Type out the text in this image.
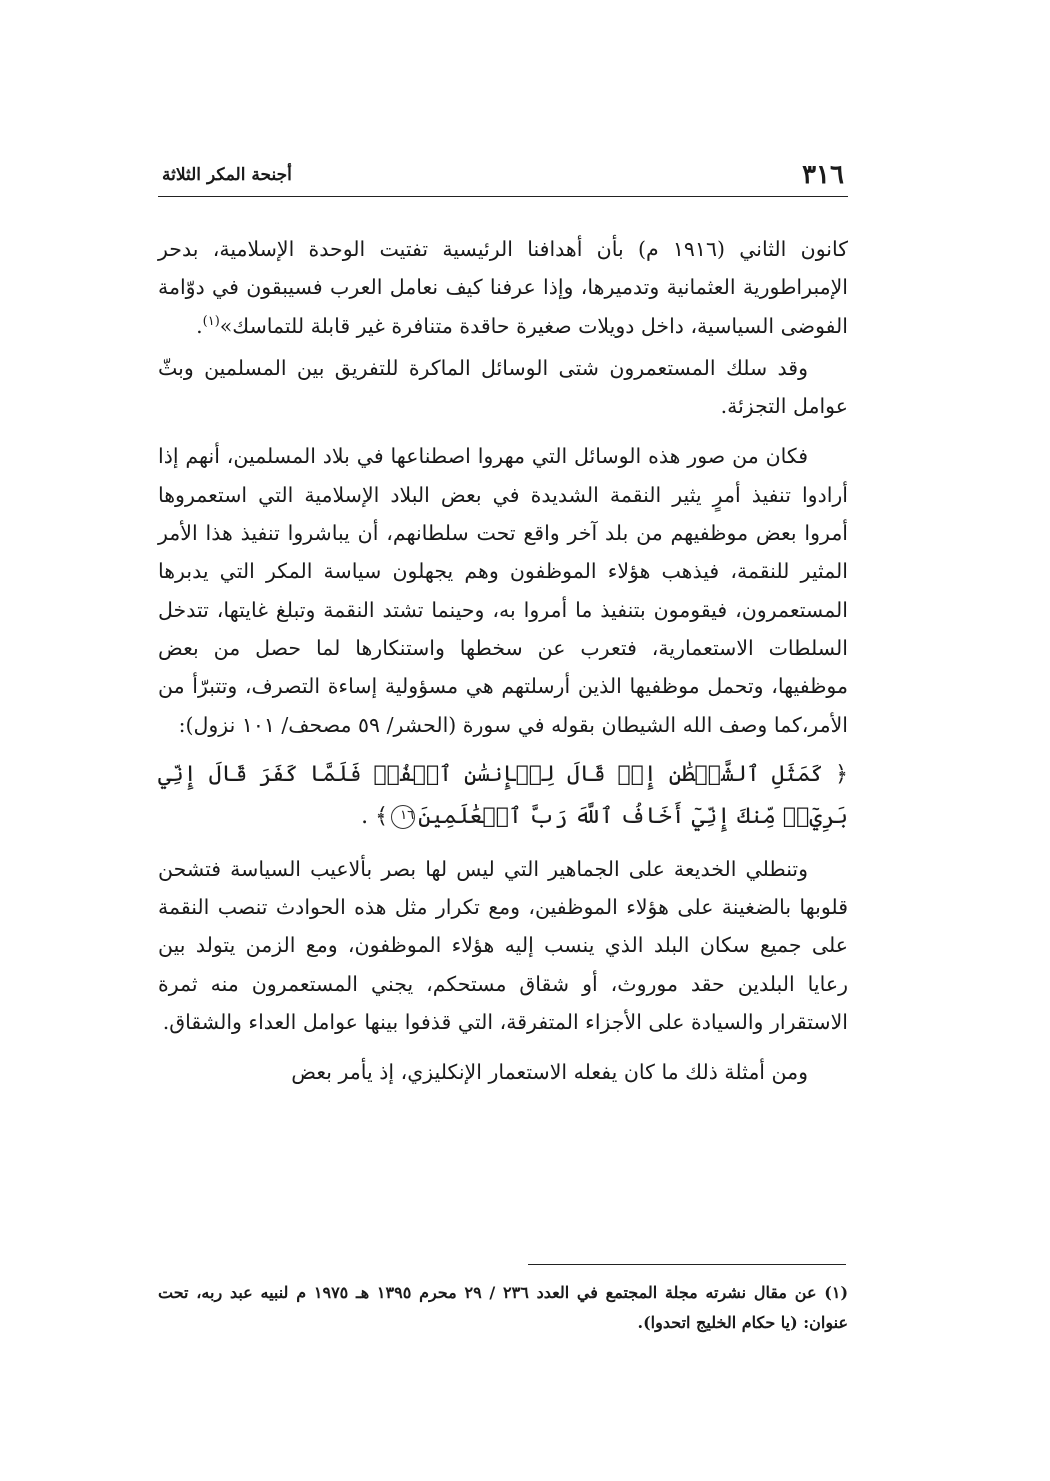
٣١٦
أجنحة المكر الثلاثة

كانون الثاني (١٩١٦ م) بأن أهدافنا الرئيسية تفتيت الوحدة الإسلامية، بدحر الإمبراطورية العثمانية وتدميرها، وإذا عرفنا كيف نعامل العرب فسيبقون في دوّامة الفوضى السياسية، داخل دويلات صغيرة حاقدة متنافرة غير قابلة للتماسك»$^{(١)}$.

وقد سلك المستعمرون شتى الوسائل الماكرة للتفريق بين المسلمين وبثّ عوامل التجزئة.

فكان من صور هذه الوسائل التي مهروا اصطناعها في بلاد المسلمين، أنهم إذا أرادوا تنفيذ أمرٍ يثير النقمة الشديدة في بعض البلاد الإسلامية التي استعمروها أمروا بعض موظفيهم من بلد آخر واقع تحت سلطانهم، أن يباشروا تنفيذ هذا الأمر المثير للنقمة، فيذهب هؤلاء الموظفون وهم يجهلون سياسة المكر التي يدبرها المستعمرون، فيقومون بتنفيذ ما أمروا به، وحينما تشتد النقمة وتبلغ غايتها، تتدخل السلطات الاستعمارية، فتعرب عن سخطها واستنكارها لما حصل من بعض موظفيها، وتحمل موظفيها الذين أرسلتهم هي مسؤولية إساءة التصرف، وتتبرّأ من الأمر،كما وصف الله الشيطان بقوله في سورة (الحشر/ ٥٩ مصحف/ ١٠١ نزول):

﴿ كَمَثَلِ ٱلشَّيۡطَٰنِ إِذۡ قَالَ لِلۡإِنسَٰنِ ٱكۡفُرۡ فَلَمَّا كَفَرَ قَالَ إِنِّي بَرِيٓءٞ مِّنكَ إِنِّيٓ أَخَافُ ٱللَّهَ رَبَّ ٱلۡعَٰلَمِينَ١٦﴾ .

وتنطلي الخديعة على الجماهير التي ليس لها بصر بألاعيب السياسة فتشحن قلوبها بالضغينة على هؤلاء الموظفين، ومع تكرار مثل هذه الحوادث تنصب النقمة على جميع سكان البلد الذي ينسب إليه هؤلاء الموظفون، ومع الزمن يتولد بين رعايا البلدين حقد موروث، أو شقاق مستحكم، يجني المستعمرون منه ثمرة الاستقرار والسيادة على الأجزاء المتفرقة، التي قذفوا بينها عوامل العداء والشقاق.

ومن أمثلة ذلك ما كان يفعله الاستعمار الإنكليزي، إذ يأمر بعض

(١) عن مقال نشرته مجلة المجتمع في العدد ٢٣٦ / ٢٩ محرم ١٣٩٥ هـ ١٩٧٥ م لنبيه عبد ربه، تحت عنوان: (يا حكام الخليج اتحدوا).
